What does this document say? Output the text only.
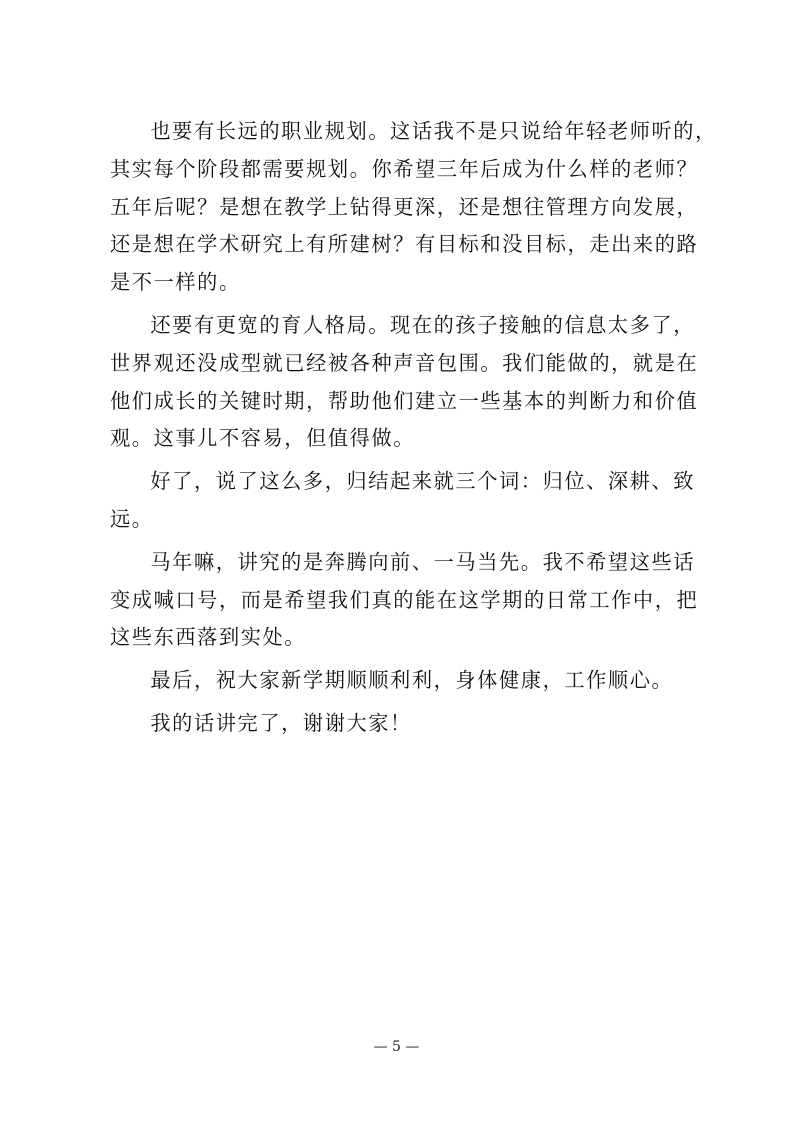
也要有长远的职业规划。这话我不是只说给年轻老师听的，
其实每个阶段都需要规划。你希望三年后成为什么样的老师？
五年后呢？是想在教学上钻得更深，还是想往管理方向发展，
还是想在学术研究上有所建树？有目标和没目标，走出来的路
是不一样的。
还要有更宽的育人格局。现在的孩子接触的信息太多了，
世界观还没成型就已经被各种声音包围。我们能做的，就是在
他们成长的关键时期，帮助他们建立一些基本的判断力和价值
观。这事儿不容易，但值得做。
好了，说了这么多，归结起来就三个词：归位、深耕、致
远。
马年嘛，讲究的是奔腾向前、一马当先。我不希望这些话
变成喊口号，而是希望我们真的能在这学期的日常工作中，把
这些东西落到实处。
最后，祝大家新学期顺顺利利，身体健康，工作顺心。
我的话讲完了，谢谢大家！
— 5 —
